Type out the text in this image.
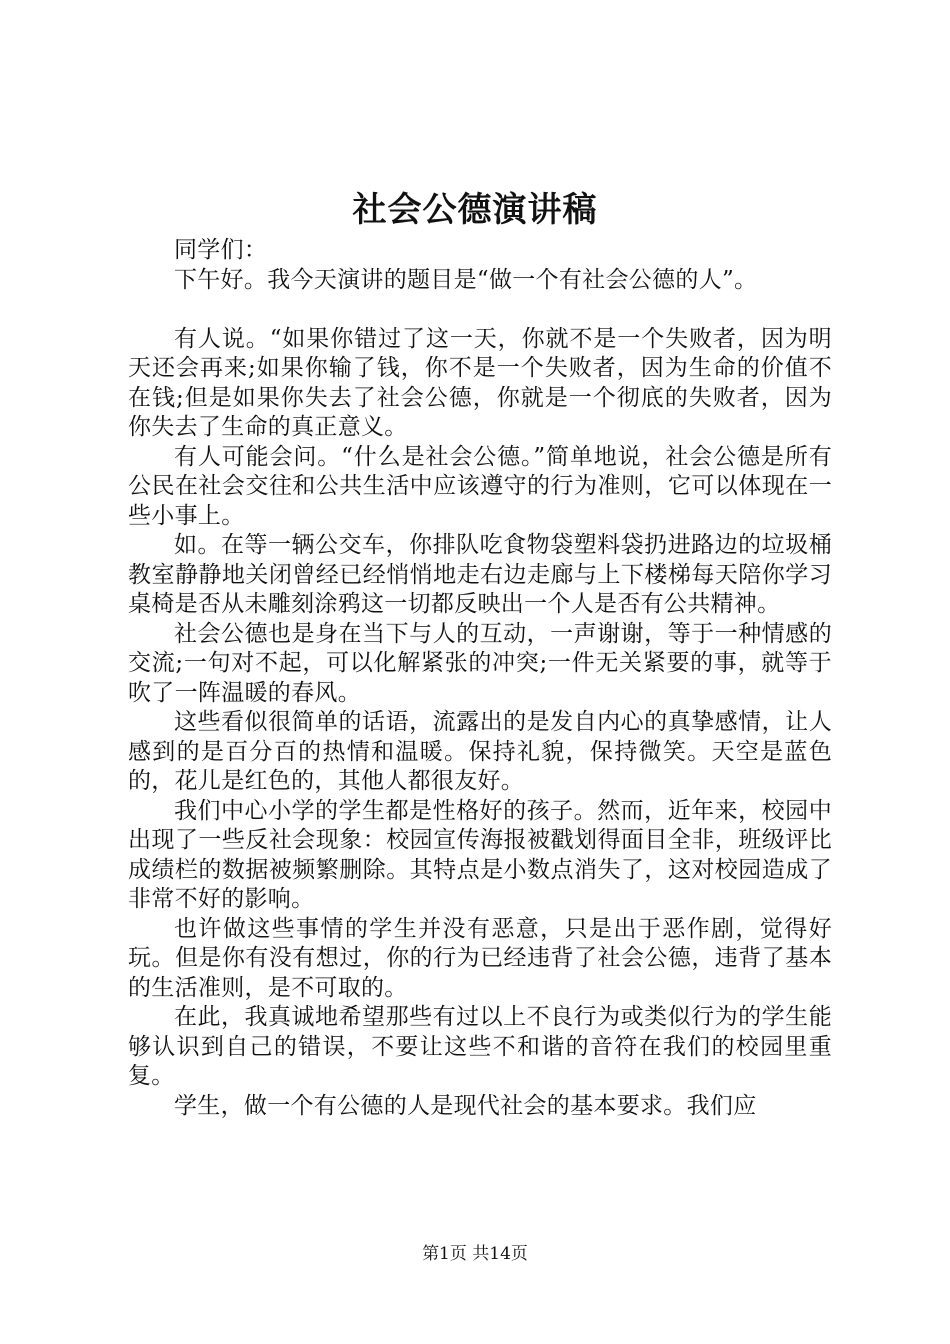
社会公德演讲稿

同学们：

下午好。我今天演讲的题目是“做一个有社会公德的人”。

有人说。“如果你错过了这一天，你就不是一个失败者，因为明天还会再来;如果你输了钱，你不是一个失败者，因为生命的价值不在钱;但是如果你失去了社会公德，你就是一个彻底的失败者，因为你失去了生命的真正意义。

有人可能会问。“什么是社会公德。”简单地说，社会公德是所有公民在社会交往和公共生活中应该遵守的行为准则，它可以体现在一些小事上。

如。在等一辆公交车，你排队吃食物袋塑料袋扔进路边的垃圾桶教室静静地关闭曾经已经悄悄地走右边走廊与上下楼梯每天陪你学习桌椅是否从未雕刻涂鸦这一切都反映出一个人是否有公共精神。

社会公德也是身在当下与人的互动，一声谢谢，等于一种情感的交流;一句对不起，可以化解紧张的冲突;一件无关紧要的事，就等于吹了一阵温暖的春风。

这些看似很简单的话语，流露出的是发自内心的真挚感情，让人感到的是百分百的热情和温暖。保持礼貌，保持微笑。天空是蓝色的，花儿是红色的，其他人都很友好。

我们中心小学的学生都是性格好的孩子。然而，近年来，校园中出现了一些反社会现象：校园宣传海报被戳划得面目全非，班级评比成绩栏的数据被频繁删除。其特点是小数点消失了，这对校园造成了非常不好的影响。

也许做这些事情的学生并没有恶意，只是出于恶作剧，觉得好玩。但是你有没有想过，你的行为已经违背了社会公德，违背了基本的生活准则，是不可取的。

在此，我真诚地希望那些有过以上不良行为或类似行为的学生能够认识到自己的错误，不要让这些不和谐的音符在我们的校园里重复。

学生，做一个有公德的人是现代社会的基本要求。我们应

第1页 共14页
